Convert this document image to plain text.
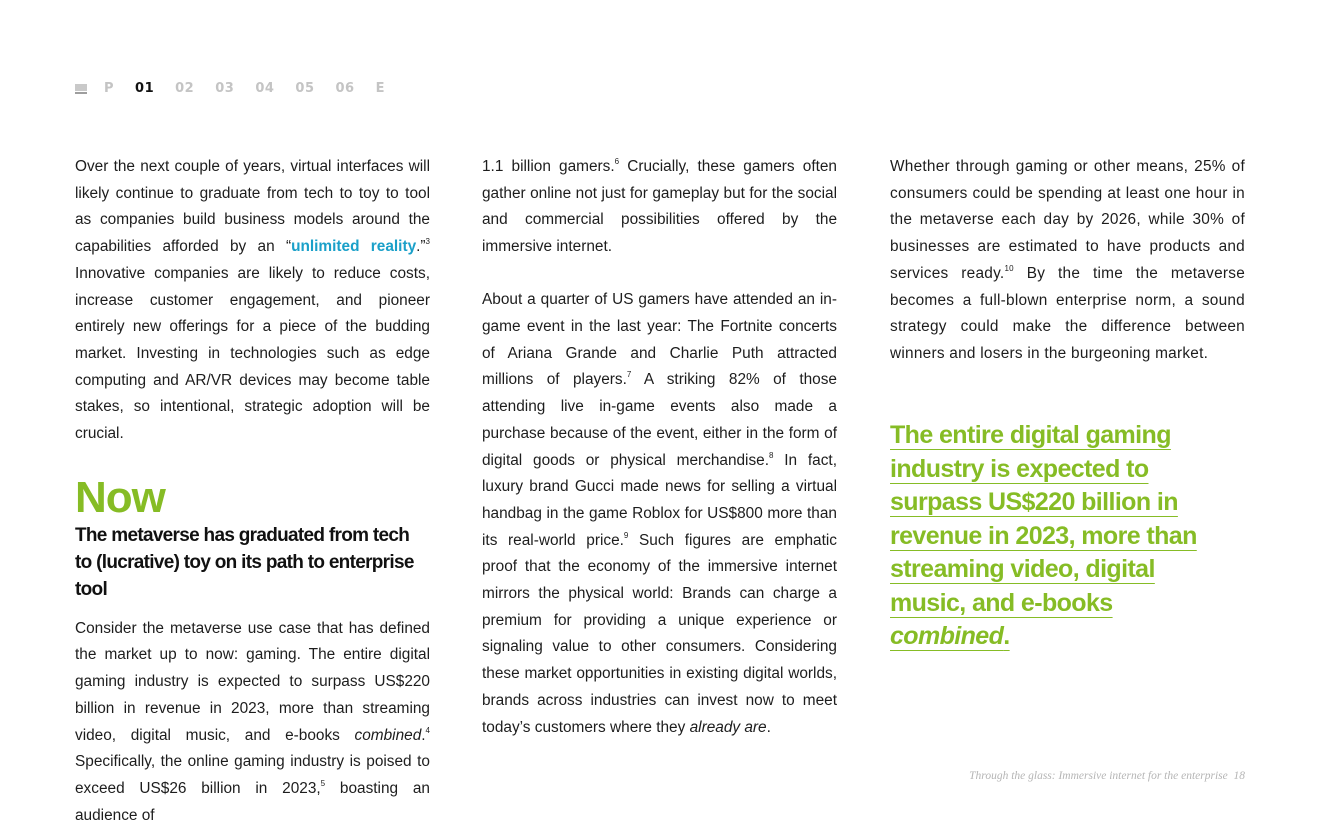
P 01 02 03 04 05 06 E

Over the next couple of years, virtual interfaces will likely continue to graduate from tech to toy to tool as companies build business models around the capabilities afforded by an “unlimited reality.”$^3$ Innovative companies are likely to reduce costs, increase customer engagement, and pioneer entirely new offerings for a piece of the budding market. Investing in technologies such as edge computing and AR/VR devices may become table stakes, so intentional, strategic adoption will be crucial.

Now
The metaverse has graduated from tech to (lucrative) toy on its path to enterprise tool

Consider the metaverse use case that has defined the market up to now: gaming. The entire digital gaming industry is expected to surpass US$220 billion in revenue in 2023, more than streaming video, digital music, and e-books combined.$^4$ Specifically, the online gaming industry is poised to exceed US$26 billion in 2023,$^5$ boasting an audience of

1.1 billion gamers.$^6$ Crucially, these gamers often gather online not just for gameplay but for the social and commercial possibilities offered by the immersive internet.

About a quarter of US gamers have attended an in-game event in the last year: The Fortnite concerts of Ariana Grande and Charlie Puth attracted millions of players.$^7$ A striking 82% of those attending live in-game events also made a purchase because of the event, either in the form of digital goods or physical merchandise.$^8$ In fact, luxury brand Gucci made news for selling a virtual handbag in the game Roblox for US$800 more than its real-world price.$^9$ Such figures are emphatic proof that the economy of the immersive internet mirrors the physical world: Brands can charge a premium for providing a unique experience or signaling value to other consumers. Considering these market opportunities in existing digital worlds, brands across industries can invest now to meet today’s customers where they already are.

Whether through gaming or other means, 25% of consumers could be spending at least one hour in the metaverse each day by 2026, while 30% of businesses are estimated to have products and services ready.$^{10}$ By the time the metaverse becomes a full-blown enterprise norm, a sound strategy could make the difference between winners and losers in the burgeoning market.

The entire digital gaming industry is expected to surpass US$220 billion in revenue in 2023, more than streaming video, digital music, and e-books combined.
Through the glass: Immersive internet for the enterprise 18
